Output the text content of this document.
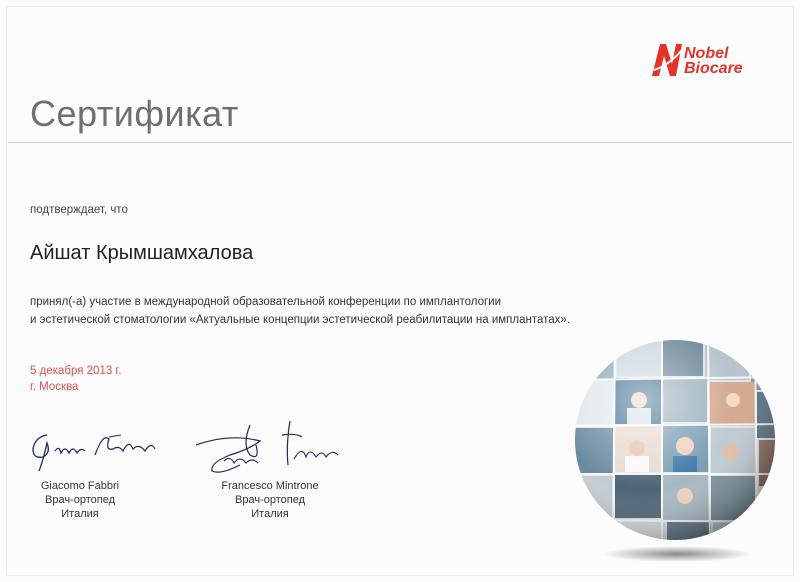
Nobel
Biocare
Сертификат
подтверждает, что
Айшат Крымшамхалова
принял(-а) участие в международной образовательной конференции по имплантологии
и эстетической стоматологии «Актуальные концепции эстетической реабилитации на имплантатах».
5 декабря 2013 г.
г. Москва
Giacomo Fabbri
Врач-ортопед
Италия
Francesco Mintrone
Врач-ортопед
Италия
